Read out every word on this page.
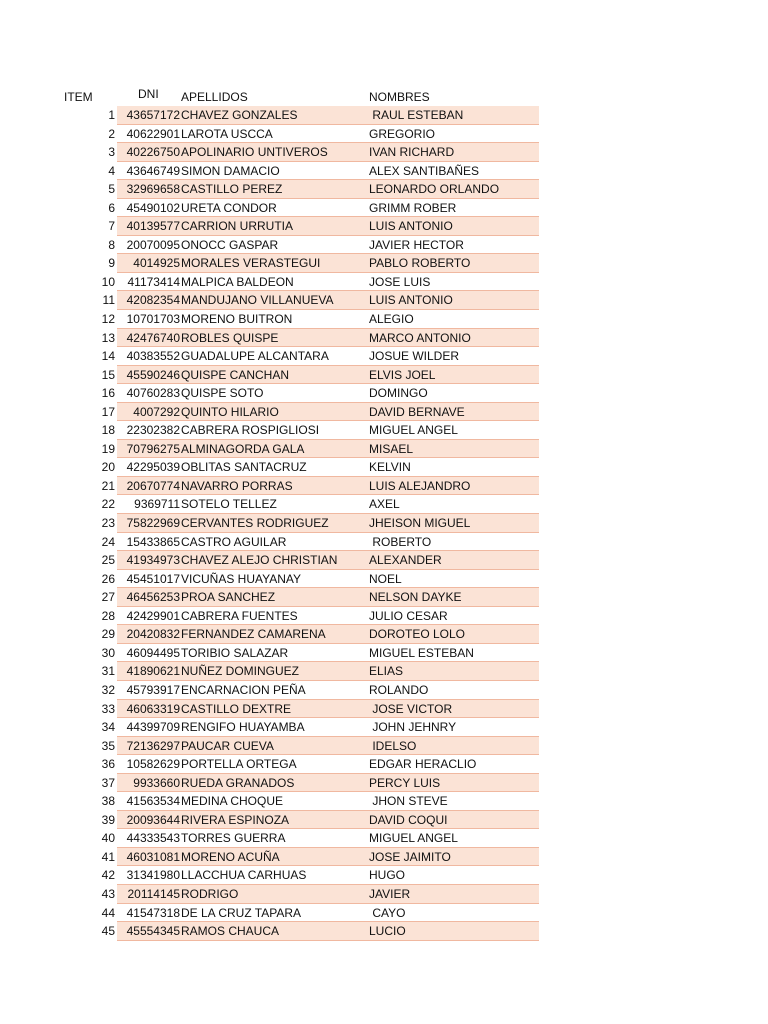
ITEM	DNI APELLIDOS	NOMBRES
1 43657172 CHAVEZ GONZALES	RAUL ESTEBAN
2 40622901 LAROTA USCCA	GREGORIO
3 40226750 APOLINARIO UNTIVEROS	IVAN RICHARD
4 43646749 SIMON DAMACIO	ALEX SANTIBAÑES
5 32969658 CASTILLO PEREZ	LEONARDO ORLANDO
6 45490102 URETA CONDOR	GRIMM ROBER
7 40139577 CARRION URRUTIA	LUIS ANTONIO
8 20070095 ONOCC GASPAR	JAVIER HECTOR
9	4014925 MORALES VERASTEGUI	PABLO ROBERTO
10	41173414 MALPICA BALDEON	JOSE LUIS
11 42082354 MANDUJANO VILLANUEVA	LUIS ANTONIO
12 10701703 MORENO BUITRON	ALEGIO
13 42476740 ROBLES QUISPE	MARCO ANTONIO
14 40383552 GUADALUPE ALCANTARA	JOSUE WILDER
15 45590246 QUISPE CANCHAN	ELVIS JOEL
16 40760283 QUISPE SOTO	DOMINGO
17	4007292 QUINTO HILARIO	DAVID BERNAVE
18 22302382 CABRERA ROSPIGLIOSI	MIGUEL ANGEL
19 70796275 ALMINAGORDA GALA	MISAEL
20 42295039 OBLITAS SANTACRUZ	KELVIN
21 20670774 NAVARRO PORRAS	LUIS ALEJANDRO
22	9369711 SOTELO TELLEZ	AXEL
23 75822969 CERVANTES RODRIGUEZ	JHEISON MIGUEL
24 15433865 CASTRO AGUILAR	ROBERTO
25 41934973 CHAVEZ ALEJO CHRISTIAN	ALEXANDER
26 45451017 VICUÑAS HUAYANAY	NOEL
27 46456253 PROA SANCHEZ	NELSON DAYKE
28 42429901 CABRERA FUENTES	JULIO CESAR
29 20420832 FERNANDEZ CAMARENA	DOROTEO LOLO
30 46094495 TORIBIO SALAZAR	MIGUEL ESTEBAN
31 41890621 NUÑEZ DOMINGUEZ	ELIAS
32 45793917 ENCARNACION PEÑA	ROLANDO
33 46063319 CASTILLO DEXTRE	JOSE VICTOR
34 44399709 RENGIFO HUAYAMBA	JOHN JEHNRY
35 72136297 PAUCAR CUEVA	IDELSO
36 10582629 PORTELLA ORTEGA	EDGAR HERACLIO
37	9933660 RUEDA GRANADOS	PERCY LUIS
38 41563534 MEDINA CHOQUE	JHON STEVE
39 20093644 RIVERA ESPINOZA	DAVID COQUI
40 44333543 TORRES GUERRA	MIGUEL ANGEL
41 46031081 MORENO ACUÑA	JOSE JAIMITO
42 31341980 LLACCHUA CARHUAS	HUGO
43	20114145 RODRIGO	JAVIER
44 41547318 DE LA CRUZ TAPARA	CAYO
45 45554345 RAMOS CHAUCA	LUCIO
